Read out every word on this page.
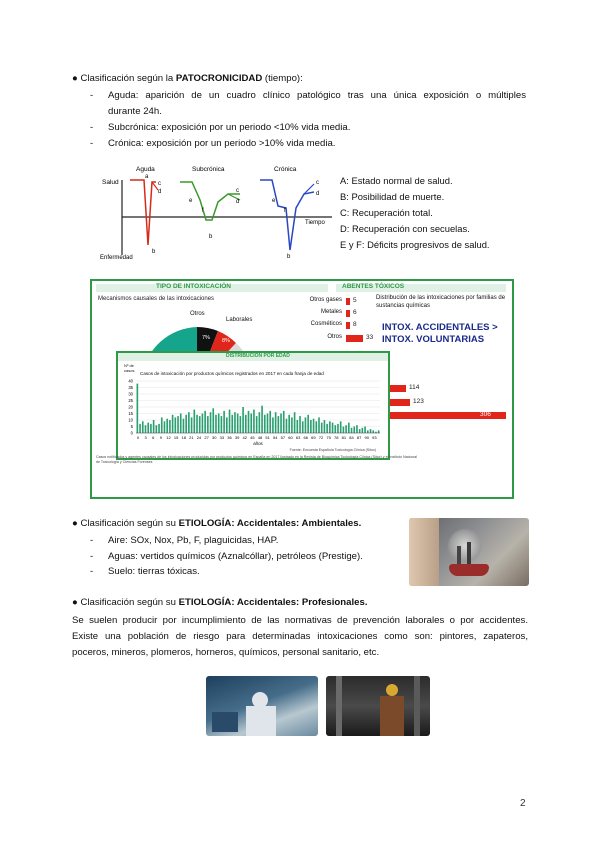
● Clasificación según la PATOCRONICIDAD (tiempo):
- Aguda: aparición de un cuadro clínico patológico tras una única exposición o múltiples
durante 24h.
- Subcrónica: exposición por un periodo <10% vida media.
- Crónica: exposición por un periodo >10% vida media.
Salud
Enfermedad
Tiempo
Aguda	Subcrónica	Crónica
a
c
d
b
e
f
c
d
b
e
f
c
d
b
A: Estado normal de salud.
B: Posibilidad de muerte.
C: Recuperación total.
D: Recuperación con secuelas.
E y F: Déficits progresivos de salud.
TIPO DE INTOXICACIÓN
Mecanismos causales de las intoxicaciones
7% 8%
Otros
Laborales
ABENTES TÓXICOS
Distribución de las intoxicaciones por familias de sustancias químicas
INTOX. ACCIDENTALES >
INTOX. VOLUNTARIAS
5
Otros gases
6
Metales
8
Cosméticos
33
Otros
114
123
306
DISTRIBUCIÓN POR EDAD
Nº de casos
Casos de intoxicación por productos químicos registrados en 2017 en cada franja de edad
0
5
10
15
20
25
30
35
40
0 3 6 9 12 15 18 21 24 27 30 33 36 39 42 45 48 51 54 57 60 63 66 69 72 75 78 81 84 87 90 93
años
Fuente: Encuesta Española Toxicología Clínica (Sitox)
Casos notificados y agentes causales de los intoxicaciones producidas por productos químicos en España en 2017 ilustrado en la Revista de Bioquímica Toxicología Clínica (Sitox) y el Instituto Nacional de Toxicología y Ciencias Forenses
● Clasificación según su ETIOLOGÍA: Accidentales: Ambientales.
- Aire: SOx, Nox, Pb, F, plaguicidas, HAP.
- Aguas: vertidos químicos (Aznalcóllar), petróleos (Prestige).
- Suelo: tierras tóxicas.
● Clasificación según su ETIOLOGÍA: Accidentales: Profesionales.
Se suelen producir por incumplimiento de las normativas de prevención laborales o por accidentes.
Existe una población de riesgo para determinadas intoxicaciones como son: pintores, zapateros,
poceros, mineros, plomeros, horneros, químicos, personal sanitario, etc.
2
